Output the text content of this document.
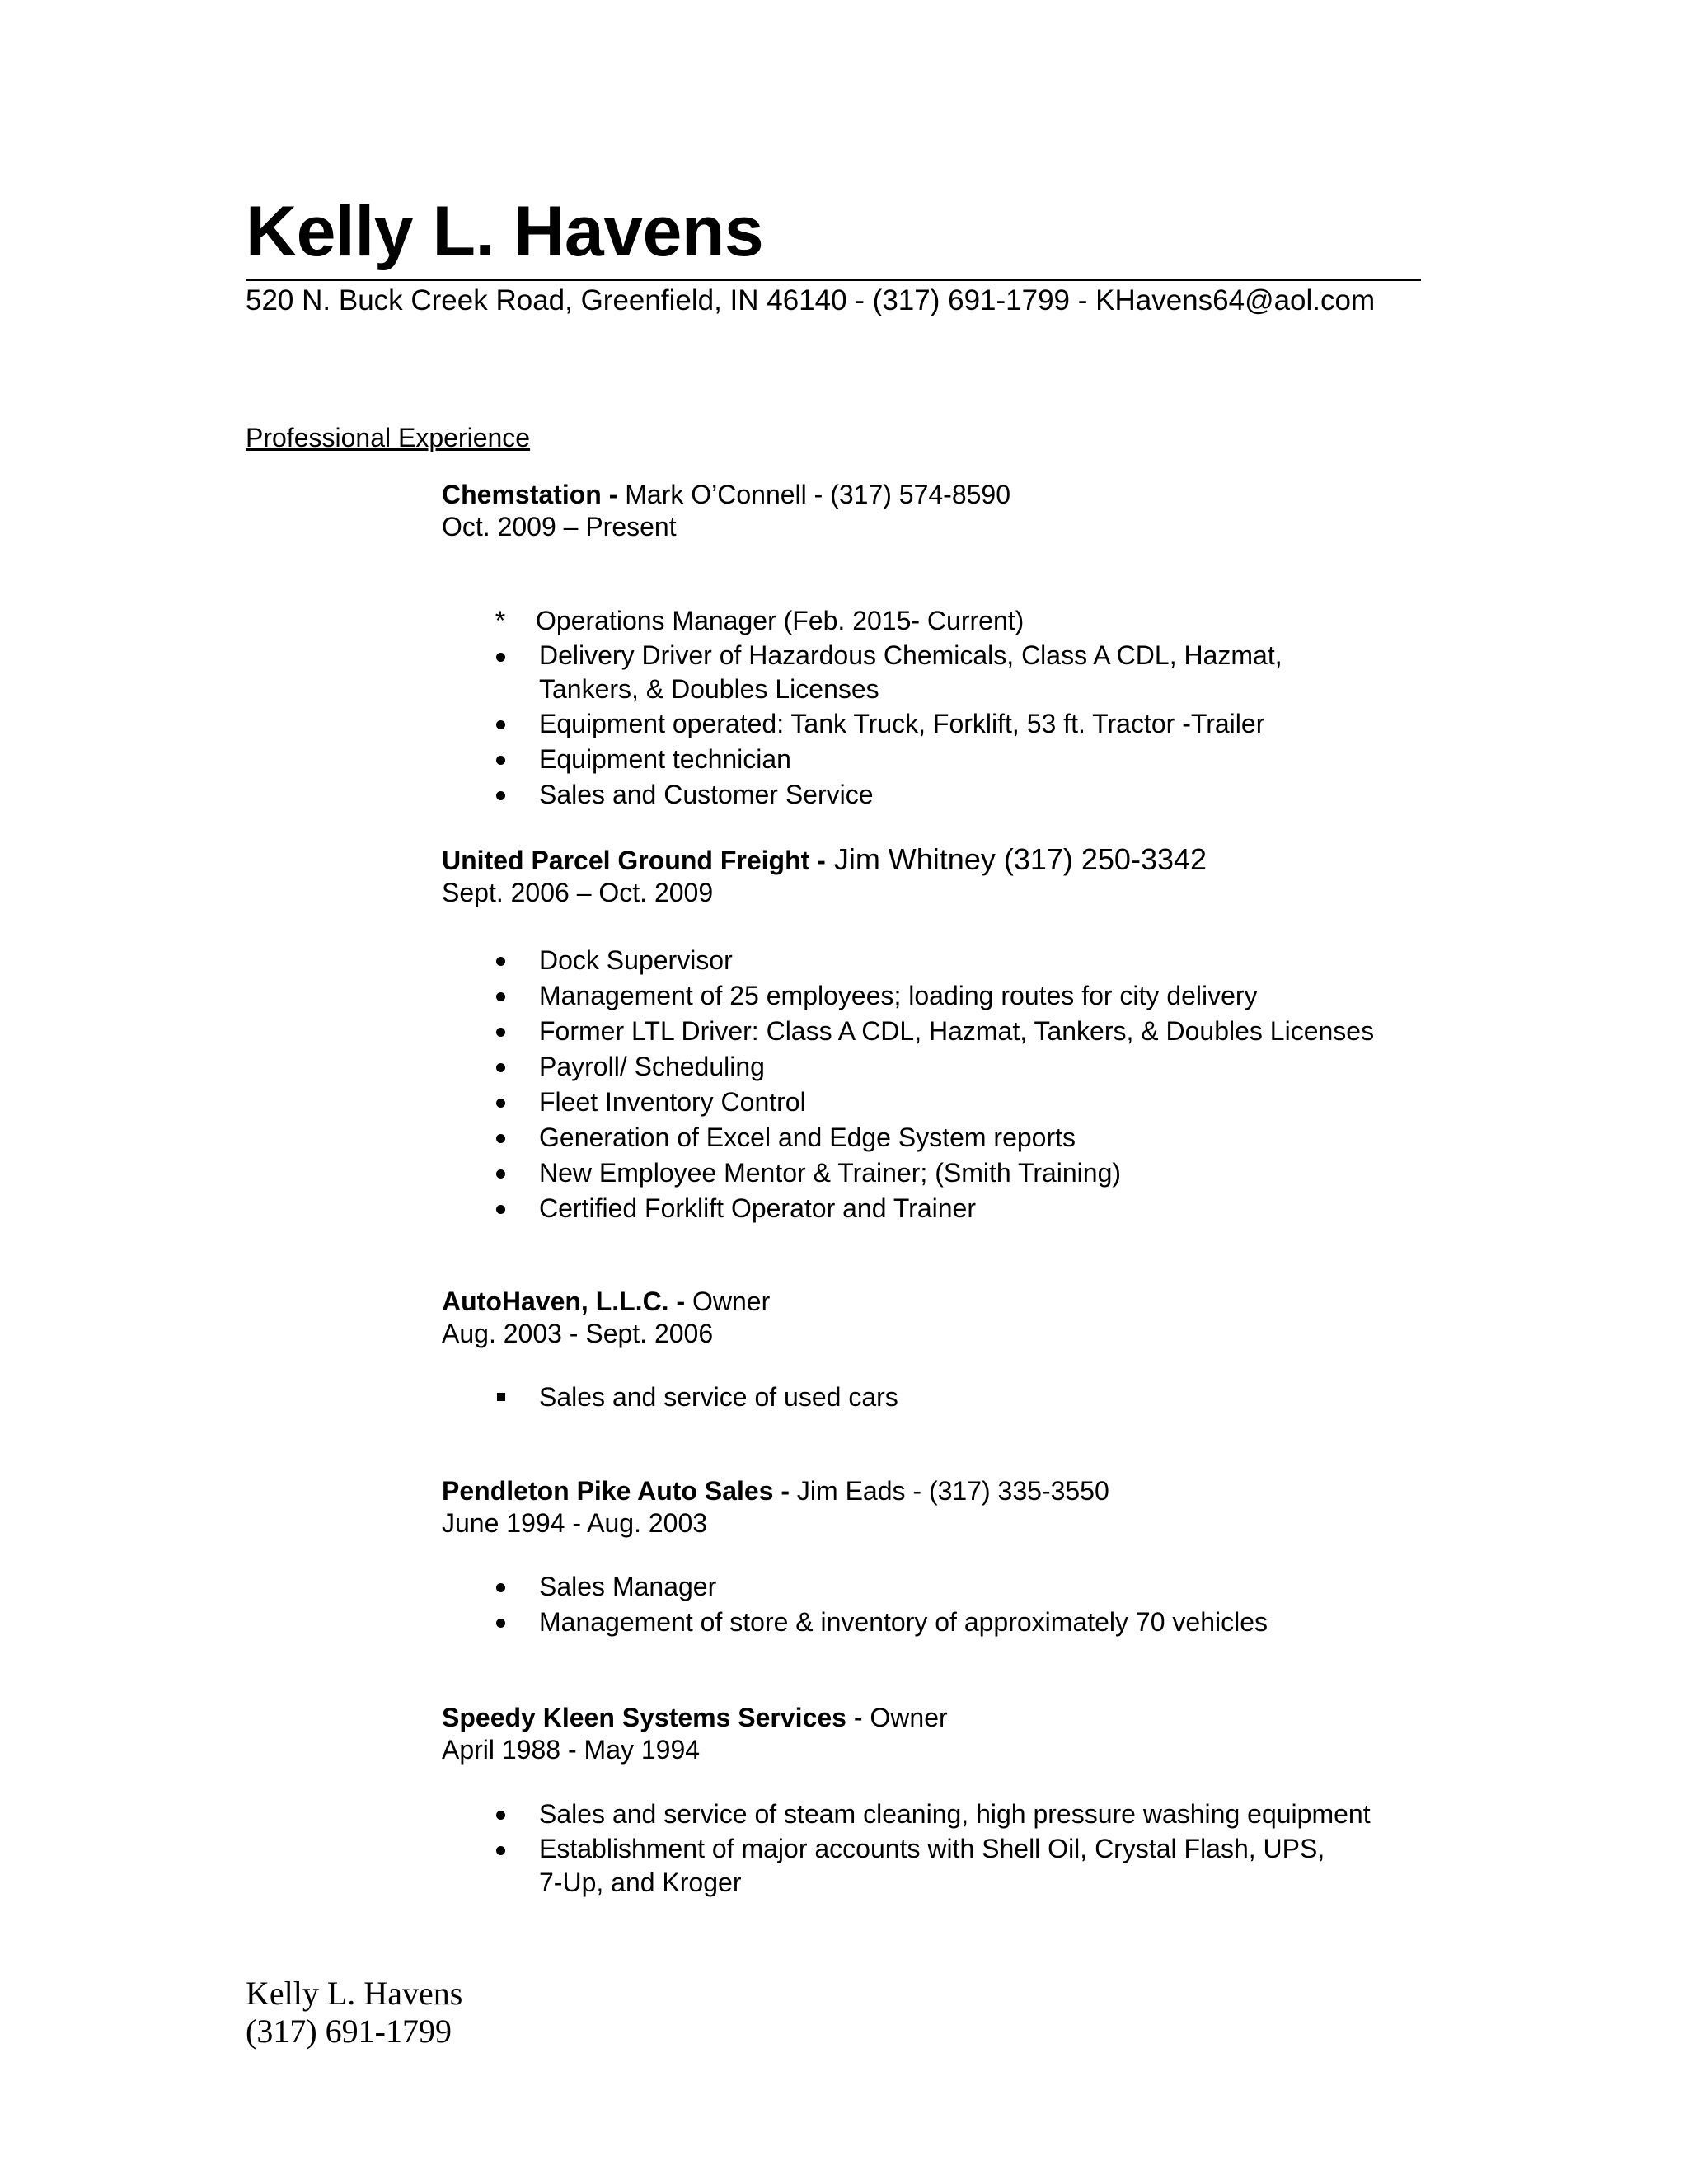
Kelly L. Havens
520 N. Buck Creek Road, Greenfield, IN 46140 - (317) 691-1799 - KHavens64@aol.com
Professional Experience
Chemstation - Mark O’Connell - (317) 574-8590
Oct. 2009 – Present
* Operations Manager (Feb. 2015- Current)
Delivery Driver of Hazardous Chemicals, Class A CDL, Hazmat,
Tankers, & Doubles Licenses
Equipment operated: Tank Truck, Forklift, 53 ft. Tractor -Trailer
Equipment technician
Sales and Customer Service
United Parcel Ground Freight - Jim Whitney (317) 250-3342
Sept. 2006 – Oct. 2009
Dock Supervisor
Management of 25 employees; loading routes for city delivery
Former LTL Driver: Class A CDL, Hazmat, Tankers, & Doubles Licenses
Payroll/ Scheduling
Fleet Inventory Control
Generation of Excel and Edge System reports
New Employee Mentor & Trainer; (Smith Training)
Certified Forklift Operator and Trainer
AutoHaven, L.L.C. - Owner
Aug. 2003 - Sept. 2006
Sales and service of used cars
Pendleton Pike Auto Sales - Jim Eads - (317) 335-3550
June 1994 - Aug. 2003
Sales Manager
Management of store & inventory of approximately 70 vehicles
Speedy Kleen Systems Services - Owner
April 1988 - May 1994
Sales and service of steam cleaning, high pressure washing equipment
Establishment of major accounts with Shell Oil, Crystal Flash, UPS,
7-Up, and Kroger
Kelly L. Havens
(317) 691-1799
